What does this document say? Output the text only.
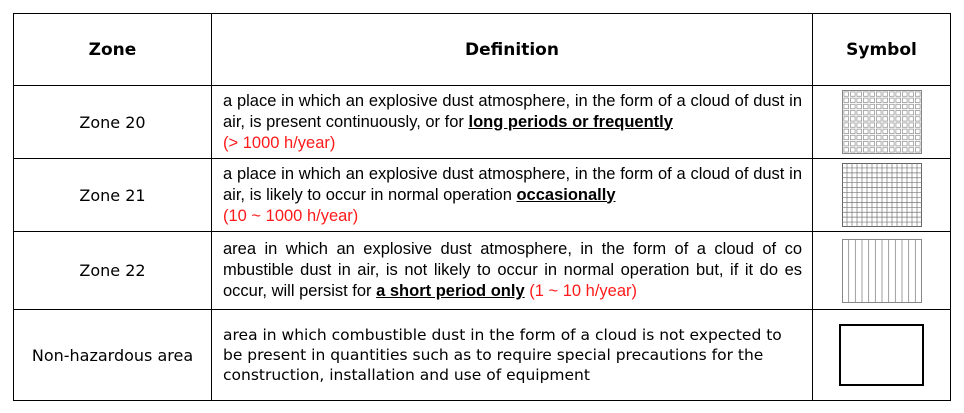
Zone	Definition	Symbol
Zone 20	a place in which an explosive dust atmosphere, in the form of a cloud of dust in air, is present continuously, or for long periods or frequently
(> 1000 h/year)	

Zone 21	a place in which an explosive dust atmosphere, in the form of a cloud of dust in air, is likely to occur in normal operation occasionally
(10 ~ 1000 h/year)	

Zone 22	area in which an explosive dust atmosphere, in the form of a cloud of co mbustible dust in air, is not likely to occur in normal operation but, if it do es occur, will persist for a short period only (1 ~ 10 h/year)	

Non-hazardous area	area in which combustible dust in the form of a cloud is not expected to be present in quantities such as to require special precautions for the construction, installation and use of equipment	
